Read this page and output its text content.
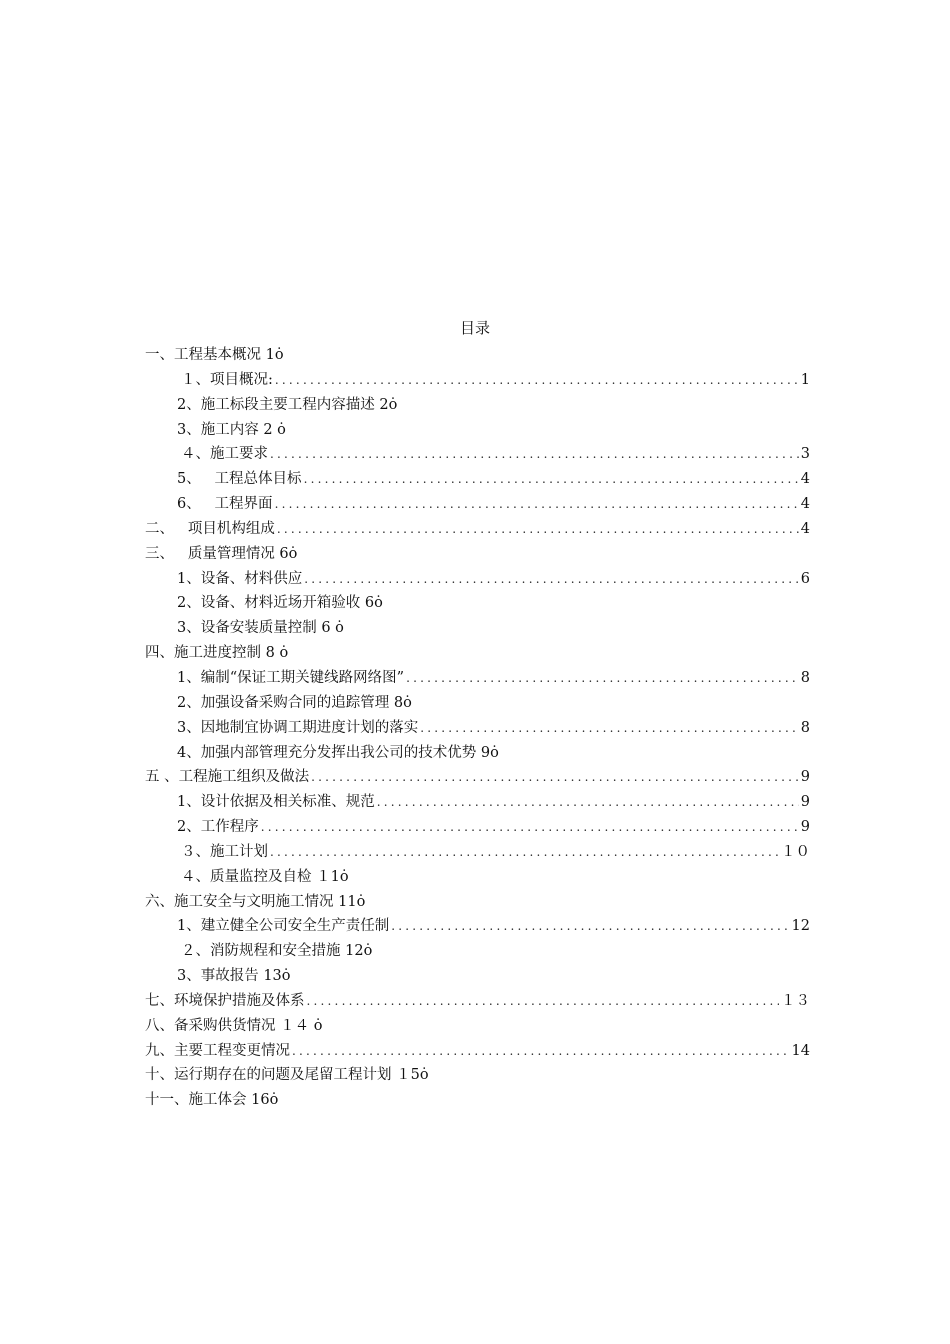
目录
一、工程基本概况 1 ȯ
１、项目概况: .....	1
2、施工标段主要工程内容描述 2 ȯ
3、施工内容 2 ȯ
４、施工要求 .....	3
5、   工程总体目标 .....	4
6、   工程界面 .....	4
二、   项目机构组成 .....	4
三、   质量管理情况 6 ȯ
1、设备、材料供应 .....	6
2、设备、材料近场开箱验收 6 ȯ
3、设备安装质量控制 6 ȯ
四、施工进度控制 8 ȯ
1、编制“保证工期关键线路网络图” .....	8
2、加强设备采购合同的追踪管理 8 ȯ
3、因地制宜协调工期进度计划的落实 .....	8
4、加强内部管理充分发挥出我公司的技术优势 9 ȯ
五 、工程施工组织及做法 .....	9
1、设计依据及相关标准、规范 .....	9
2、工作程序 .....	9
３、施工计划 .....	１０
４、质量监控及自检 １1 ȯ
六、施工安全与文明施工情况 11 ȯ
1、建立健全公司安全生产责任制 .....	12
２、消防规程和安全措施 12 ȯ
3、事故报告 13 ȯ
七、环境保护措施及体系 .....	１３
八、备采购供货情况 １４ ȯ
九、主要工程变更情况 .....	14
十、运行期存在的问题及尾留工程计划 １5 ȯ
十一、施工体会 16 ȯ
